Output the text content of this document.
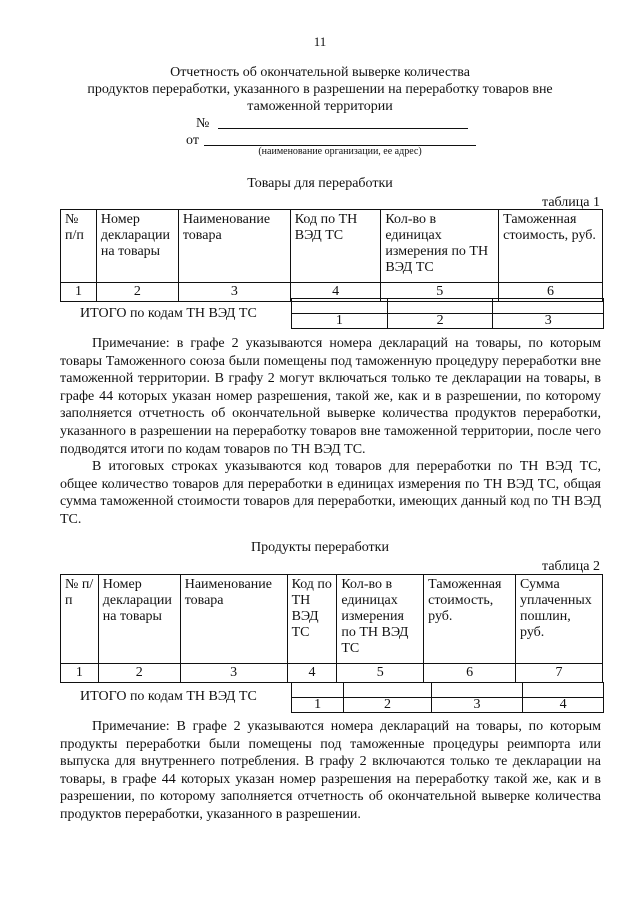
11
Отчетность об окончательной выверке количества
продуктов переработки, указанного в разрешении на переработку товаров вне
таможенной территории
№
от
(наименование организации, ее адрес)
Товары для переработки
таблица 1
№ п/п	Номер декларации на товары	Наименование товара	Код по ТН ВЭД ТС	Кол-во в единицах измерения по ТН ВЭД ТС	Таможенная стоимость, руб.
1	2	3	4	5	6
ИТОГО по кодам ТН ВЭД ТС
			1	2	3

Примечание: в графе 2 указываются номера деклараций на товары, по которым товары Таможенного союза были помещены под таможенную процедуру переработки вне таможенной территории. В графу 2 могут включаться только те декларации на товары, в графе 44 которых указан номер разрешения, такой же, как и в разрешении, по которому заполняется отчетность об окончательной выверке количества продуктов переработки, указанного в разрешении на переработку товаров вне таможенной территории, после чего подводятся итоги по кодам товаров по ТН ВЭД ТС.

В итоговых строках указываются код товаров для переработки по ТН ВЭД ТС, общее количество товаров для переработки в единицах измерения по ТН ВЭД ТС, общая сумма таможенной стоимости товаров для переработки, имеющих данный код по ТН ВЭД ТС.

Продукты переработки
таблица 2
№ п/п	Номер декларации на товары	Наименование товара	Код по ТН ВЭД ТС	Кол-во в единицах измерения по ТН ВЭД ТС	Таможенная стоимость, руб.	Сумма уплаченных пошлин, руб.
1	2	3	4	5	6	7
ИТОГО по кодам ТН ВЭД ТС

1	2	3	4

Примечание: В графе 2 указываются номера деклараций на товары, по которым продукты переработки были помещены под таможенные процедуры реимпорта или выпуска для внутреннего потребления. В графу 2 включаются только те декларации на товары, в графе 44 которых указан номер разрешения на переработку такой же, как и в разрешении, по которому заполняется отчетность об окончательной выверке количества продуктов переработки, указанного в разрешении.
